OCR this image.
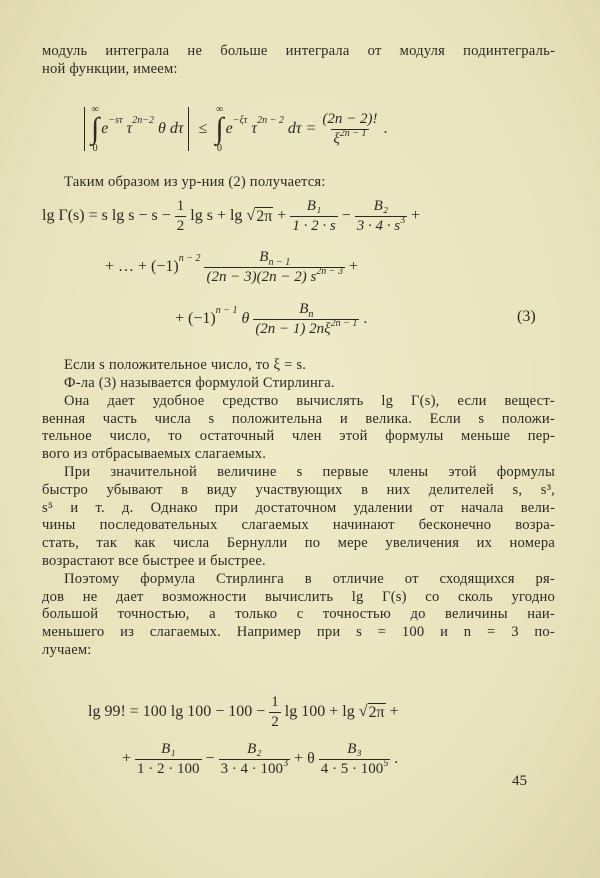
модуль интеграла не больше интеграла от модуля подинтеграль-
ной функции, имеем:
∞
∫
0
$e^{-s\tau}$
$\tau^{2n-2}$
θ dτ ≤
∞
∫
0
$e^{-\xi\tau}$
$\tau^{2n - 2}$
$d\tau = \frac{(2n - 2)!}{\xi^{2n - 1}}$ .
Таким образом из ур-ния (2) получается:
lg Γ(s) = s $\lg s - s - \frac{1}{2}$ lg s + lg √ 2π
+ $\frac{\text{B₁}}{1 \cdot 2 \cdot s} - \frac{\text{B₂}}{3 \cdot 4 \cdot s^3}$ +
+ … + $(-1)^{n - 2} \frac{B_{n - 1}}{(2n - 3)(2n - 2) s^{2n - 3}}$ +
+ $(-1)^{n - 1}$
θ $\frac{B_n}{(2n - 1) 2n\xi^{2n - 1}}$ .	(3)
Если s положительное число, то ξ = s.
Ф-ла (3) называется формулой Стирлинга.
Она дает удобное средство вычислять lg Γ(s), если вещест-
венная часть числа s положительна и велика. Если s положи-
тельное число, то остаточный член этой формулы меньше пер-
вого из отбрасываемых слагаемых.
При значительной величине s первые члены этой формулы
быстро убывают в виду участвующих в них делителей s, s³,
s⁵ и т. д. Однако при достаточном удалении от начала вели-
чины последовательных слагаемых начинают бесконечно возра-
стать, так как числа Бернулли по мере увеличения их номера
возрастают все быстрее и быстрее.
Поэтому формула Стирлинга в отличие от сходящихся ря-
дов не дает возможности вычислить lg Γ(s) со сколь угодно
большой точностью, а только с точностью до величины наи-
меньшего из слагаемых. Например при s = 100 и n = 3 по-
лучаем:
lg 99! = 100 $\lg 100 - 100 - \frac{1}{2}$ lg 100 + lg √ 2π
+
+ $\frac{\text{B₁}}{1 \cdot 2 \cdot 100} - \frac{\text{B₂}}{3 \cdot 4 \cdot 100^3} + \theta \frac{\text{B₃}}{4 \cdot 5 \cdot 100^5}$ .
45
